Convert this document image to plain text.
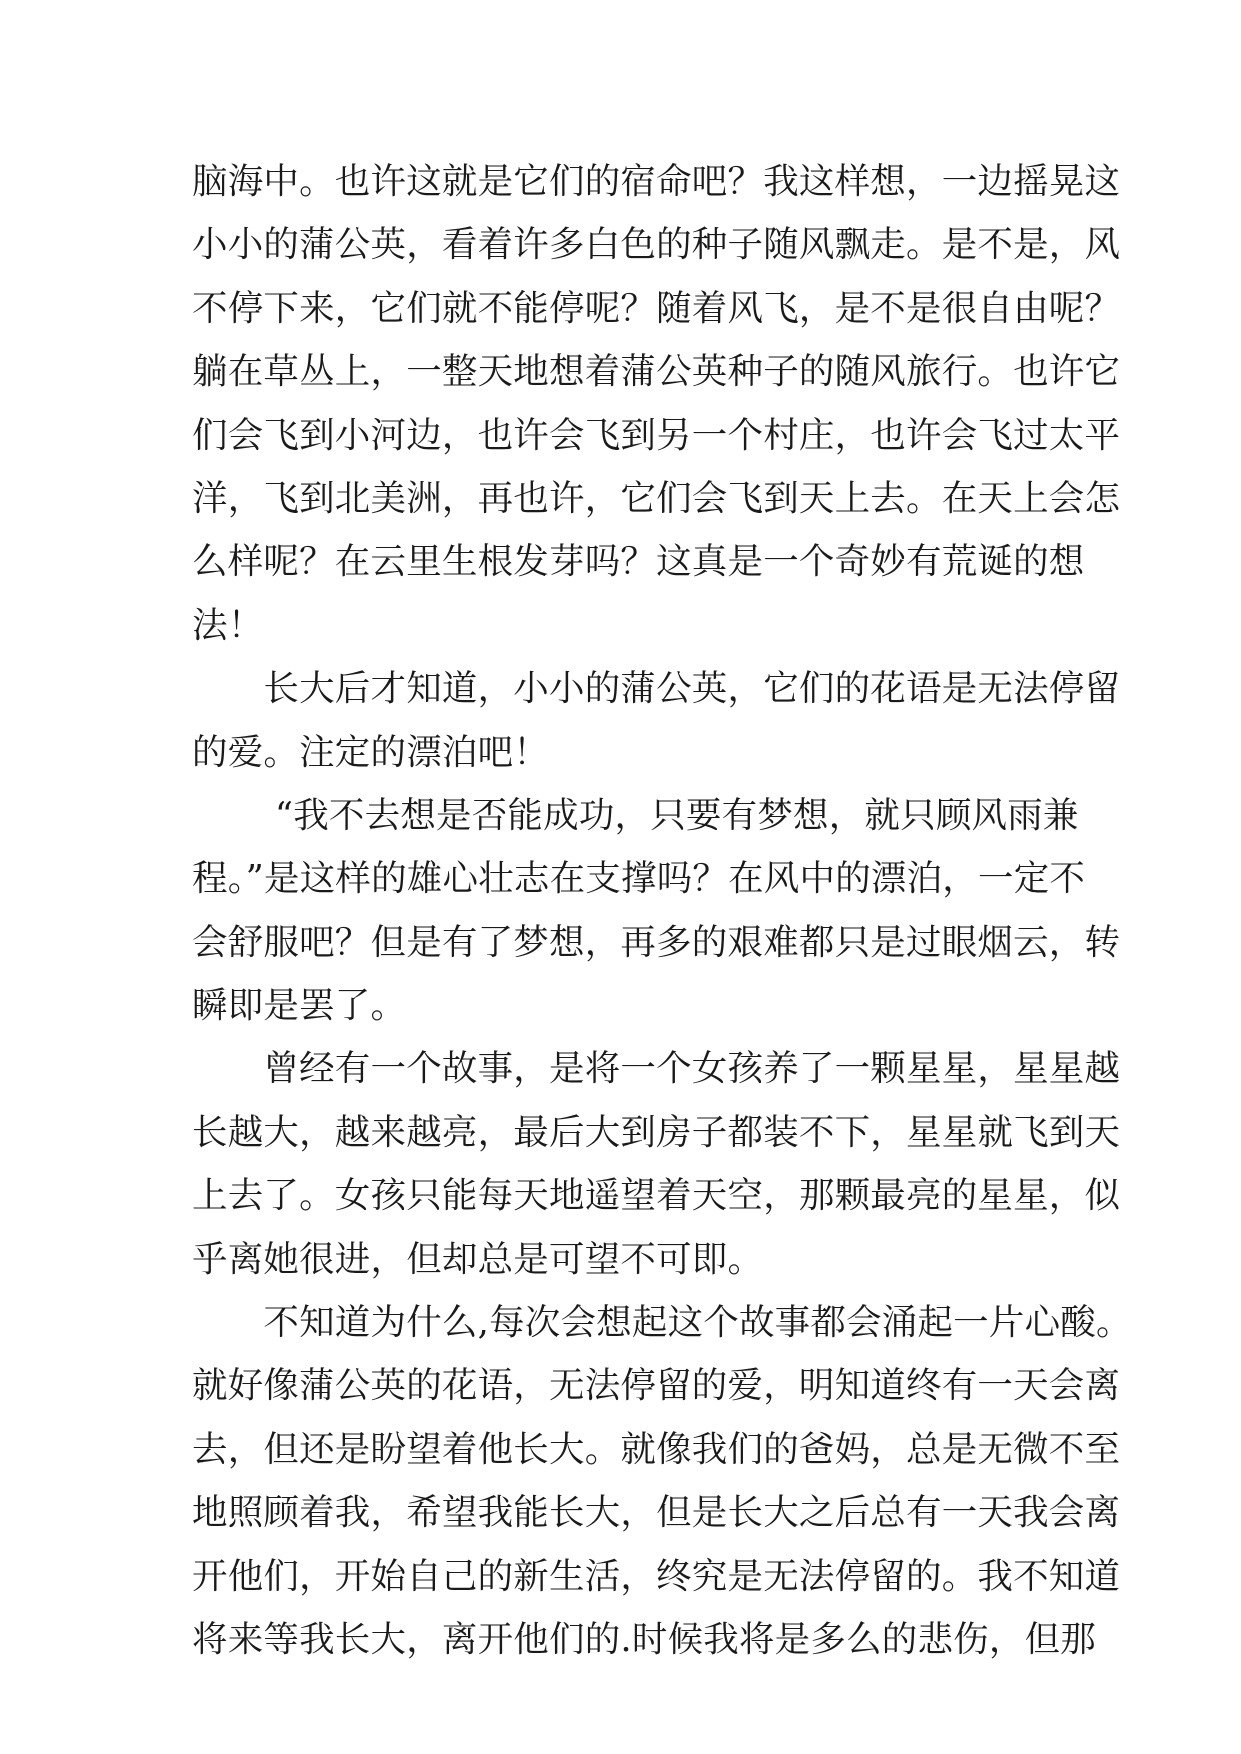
脑海中。也许这就是它们的宿命吧？我这样想，一边摇晃这
小小的蒲公英，看着许多白色的种子随风飘走。是不是，风
不停下来，它们就不能停呢？随着风飞，是不是很自由呢？
躺在草丛上，一整天地想着蒲公英种子的随风旅行。也许它
们会飞到小河边，也许会飞到另一个村庄，也许会飞过太平
洋，飞到北美洲，再也许，它们会飞到天上去。在天上会怎
么样呢？在云里生根发芽吗？这真是一个奇妙有荒诞的想
法！
　　长大后才知道，小小的蒲公英，它们的花语是无法停留
的爱。注定的漂泊吧！
　　 “我不去想是否能成功，只要有梦想，就只顾风雨兼
程。”是这样的雄心壮志在支撑吗？在风中的漂泊，一定不
会舒服吧？但是有了梦想，再多的艰难都只是过眼烟云，转
瞬即是罢了。
　　曾经有一个故事，是将一个女孩养了一颗星星，星星越
长越大，越来越亮，最后大到房子都装不下，星星就飞到天
上去了。女孩只能每天地遥望着天空，那颗最亮的星星，似
乎离她很进，但却总是可望不可即。
　　不知道为什么,每次会想起这个故事都会涌起一片心酸。
就好像蒲公英的花语，无法停留的爱，明知道终有一天会离
去，但还是盼望着他长大。就像我们的爸妈，总是无微不至
地照顾着我，希望我能长大，但是长大之后总有一天我会离
开他们，开始自己的新生活，终究是无法停留的。我不知道
将来等我长大，离开他们的.时候我将是多么的悲伤，但那
